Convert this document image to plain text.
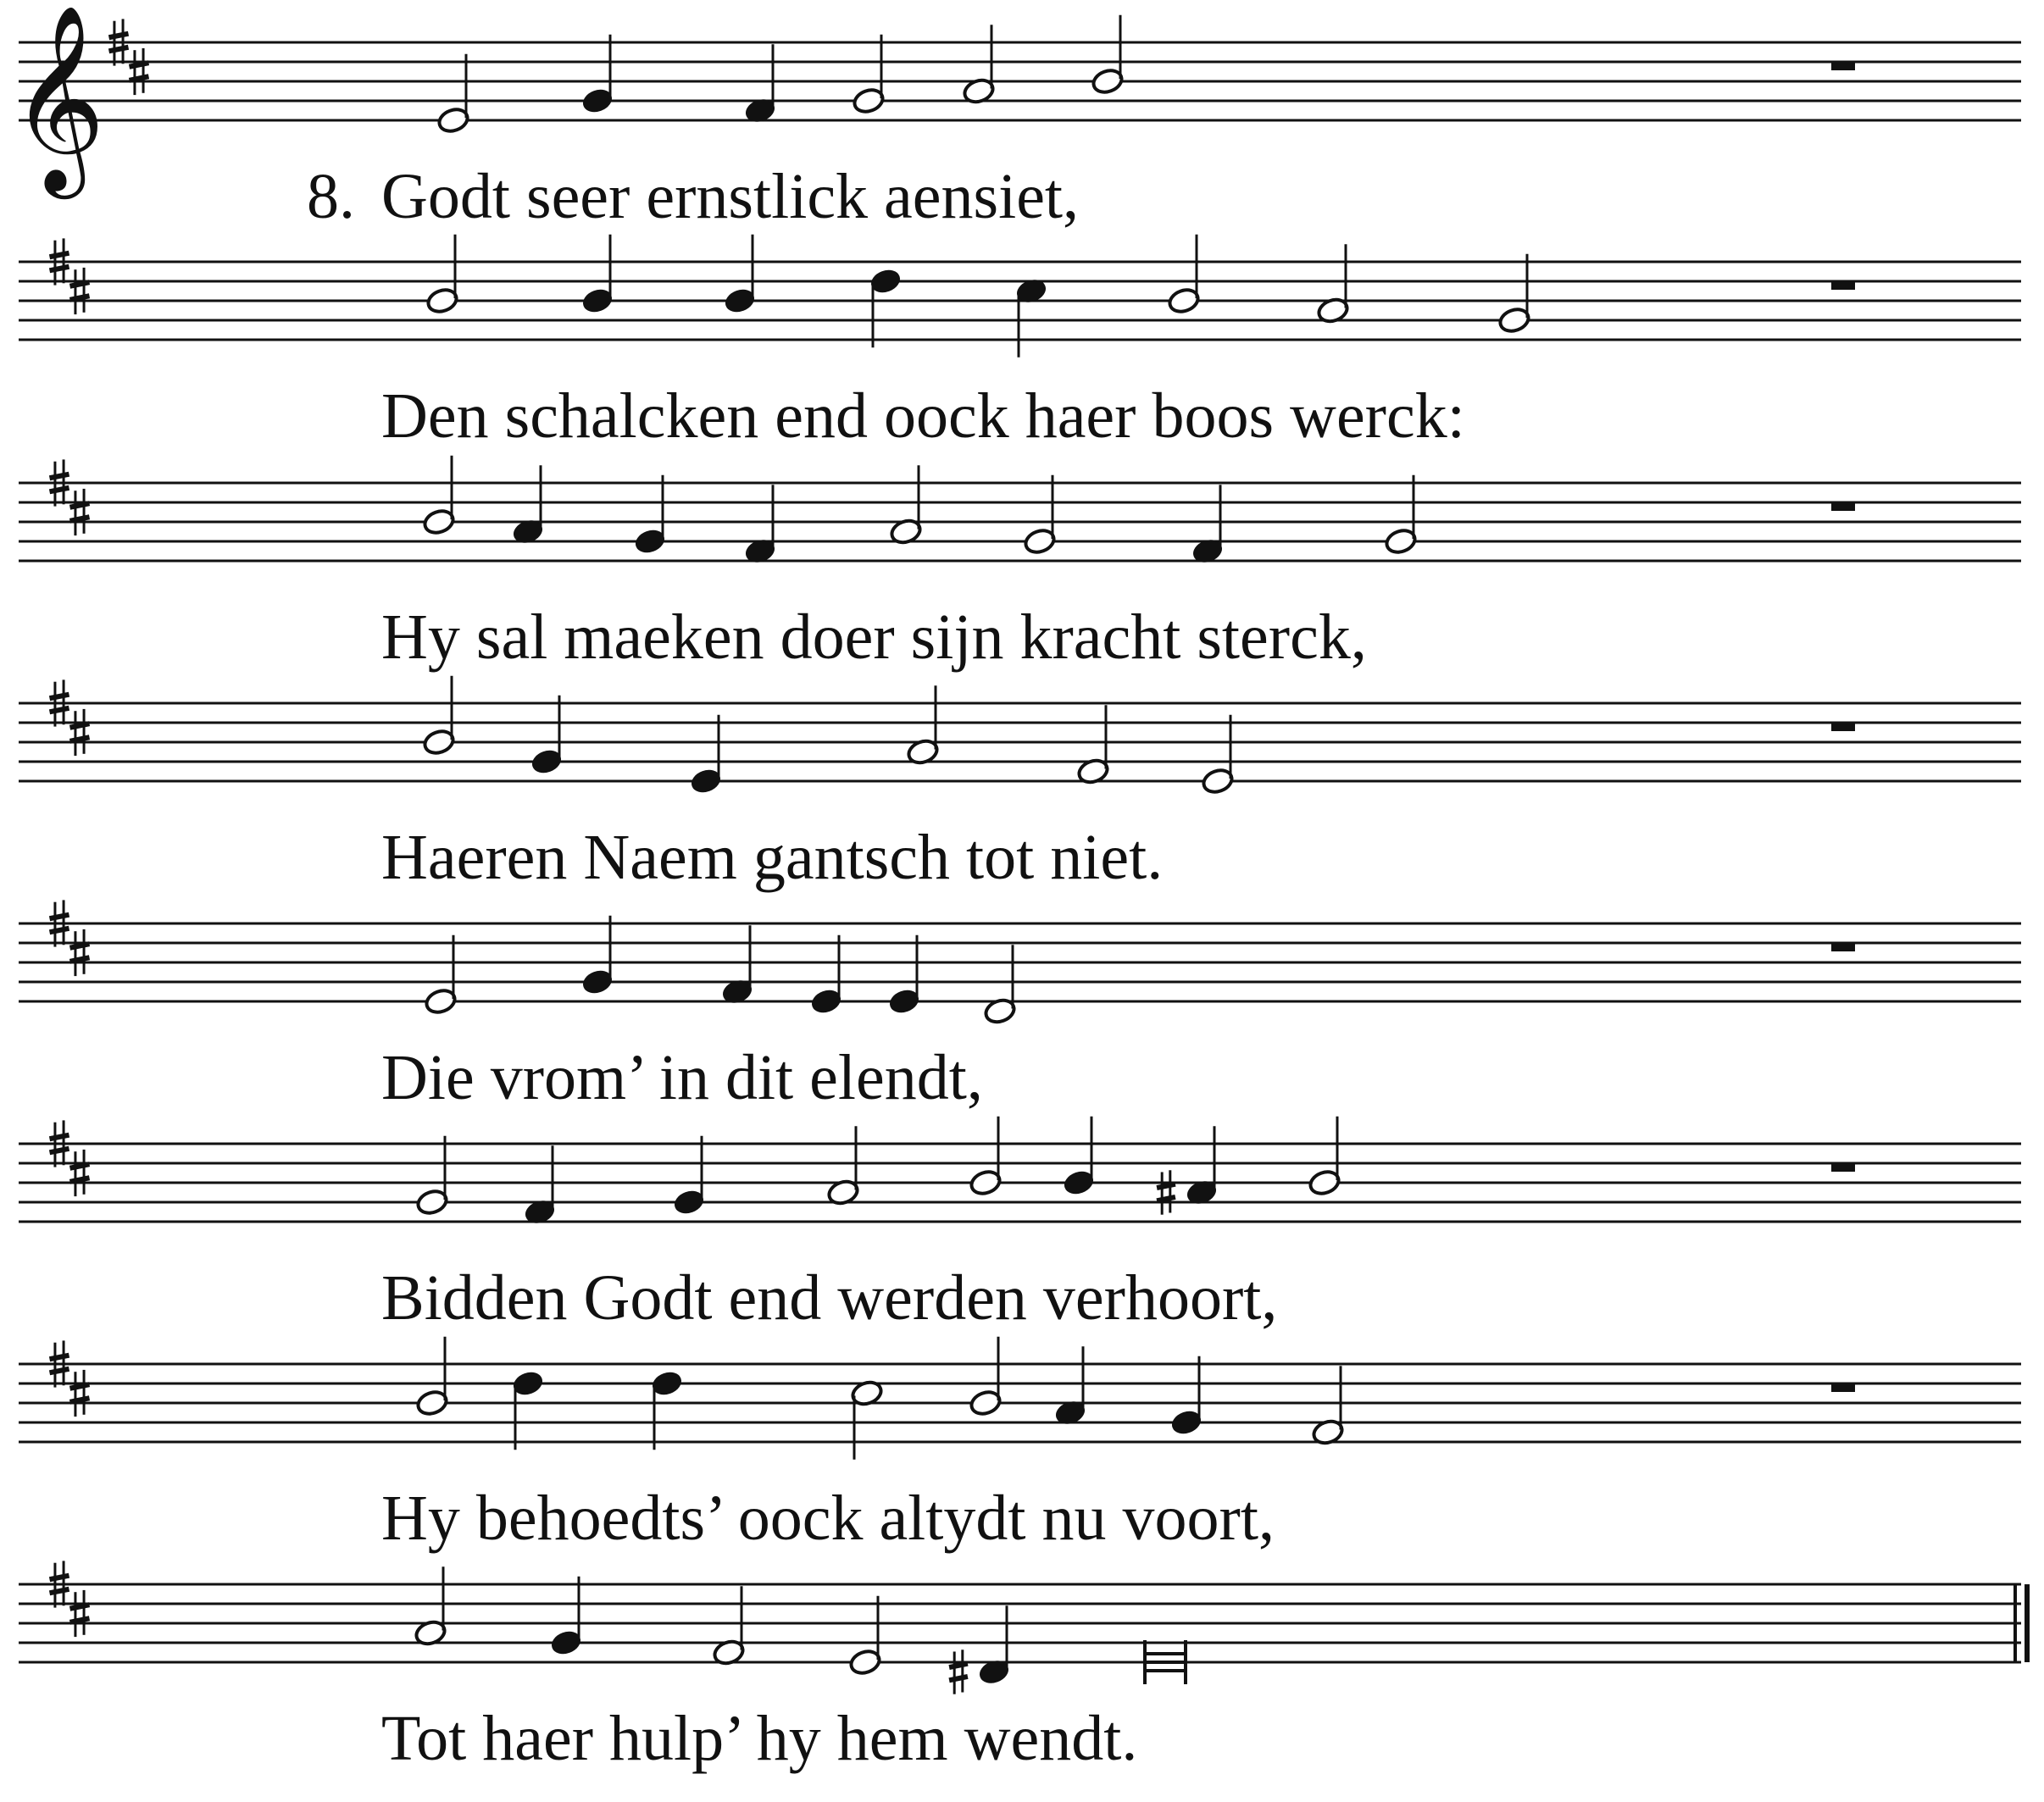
𝄞
8. Godt seer ernstlick aensiet,
Den schalcken end oock haer boos werck:
Hy sal maeken doer sijn kracht sterck,
Haeren Naem gantsch tot niet.
Die vrom’ in dit elendt,
Bidden Godt end werden verhoort,
Hy behoedts’ oock altydt nu voort,
Tot haer hulp’ hy hem wendt.
